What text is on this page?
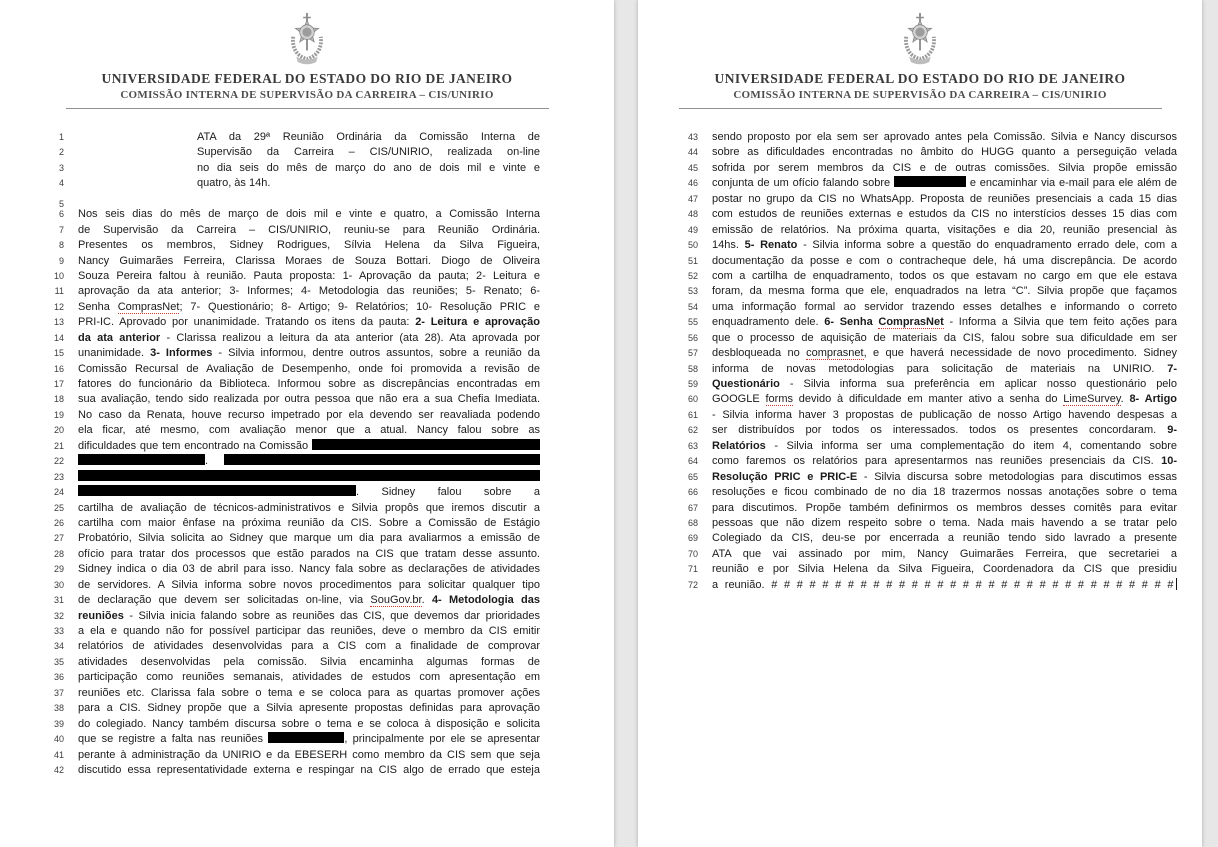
UNIVERSIDADE FEDERAL DO ESTADO DO RIO DE JANEIRO
COMISSÃO INTERNA DE SUPERVISÃO DA CARREIRA – CIS/UNIRIO
1	ATA da 29ª Reunião Ordinária da Comissão Interna de
2	Supervisão da Carreira – CIS/UNIRIO, realizada on-line
3	no dia seis do mês de março do ano de dois mil e vinte e
4	quatro, às 14h.
5
6 Nos seis dias do mês de março de dois mil e vinte e quatro, a Comissão Interna
7 de Supervisão da Carreira – CIS/UNIRIO, reuniu-se para Reunião Ordinária.
8 Presentes os membros, Sidney Rodrigues, Sílvia Helena da Silva Figueira,
9 Nancy Guimarães Ferreira, Clarissa Moraes de Souza Bottari. Diogo de Oliveira
10 Souza Pereira faltou à reunião. Pauta proposta: 1- Aprovação da pauta; 2- Leitura e
11 aprovação da ata anterior; 3- Informes; 4- Metodologia das reuniões; 5- Renato; 6-
12 Senha ComprasNet; 7- Questionário; 8- Artigo; 9- Relatórios; 10- Resolução PRIC e
13 PRI-IC. Aprovado por unanimidade. Tratando os itens da pauta: 2- Leitura e aprovação
14 da ata anterior - Clarissa realizou a leitura da ata anterior (ata 28). Ata aprovada por
15 unanimidade. 3- Informes - Silvia informou, dentre outros assuntos, sobre a reunião da
16 Comissão Recursal de Avaliação de Desempenho, onde foi promovida a revisão de
17 fatores do funcionário da Biblioteca. Informou sobre as discrepâncias encontradas em
18 sua avaliação, tendo sido realizada por outra pessoa que não era a sua Chefia Imediata.
19 No caso da Renata, houve recurso impetrado por ela devendo ser reavaliada podendo
20 ela ficar, até mesmo, com avaliação menor que a atual. Nancy falou sobre as
21 dificuldades que tem encontrado na Comissão
22	.
23
24	. Sidney falou sobre a
25 cartilha de avaliação de técnicos-administrativos e Silvia propôs que iremos discutir a
26 cartilha com maior ênfase na próxima reunião da CIS. Sobre a Comissão de Estágio
27 Probatório, Silvia solicita ao Sidney que marque um dia para avaliarmos a emissão de
28 ofício para tratar dos processos que estão parados na CIS que tratam desse assunto.
29 Sidney indica o dia 03 de abril para isso. Nancy fala sobre as declarações de atividades
30 de servidores. A Silvia informa sobre novos procedimentos para solicitar qualquer tipo
31 de declaração que devem ser solicitadas on-line, via SouGov.br. 4- Metodologia das
32 reuniões - Silvia inicia falando sobre as reuniões das CIS, que devemos dar prioridades
33 a ela e quando não for possível participar das reuniões, deve o membro da CIS emitir
34 relatórios de atividades desenvolvidas para a CIS com a finalidade de comprovar
35 atividades desenvolvidas pela comissão. Silvia encaminha algumas formas de
36 participação como reuniões semanais, atividades de estudos com apresentação em
37 reuniões etc. Clarissa fala sobre o tema e se coloca para as quartas promover ações
38 para a CIS. Sidney propõe que a Silvia apresente propostas definidas para aprovação
39 do colegiado. Nancy também discursa sobre o tema e se coloca à disposição e solicita
40 que se registre a falta nas reuniões	, principalmente por ele se apresentar
41 perante à administração da UNIRIO e da EBESERH como membro da CIS sem que seja
42 discutido essa representatividade externa e respingar na CIS algo de errado que esteja
UNIVERSIDADE FEDERAL DO ESTADO DO RIO DE JANEIRO
COMISSÃO INTERNA DE SUPERVISÃO DA CARREIRA – CIS/UNIRIO
43 sendo proposto por ela sem ser aprovado antes pela Comissão. Silvia e Nancy discursos
44 sobre as dificuldades encontradas no âmbito do HUGG quanto a perseguição velada
45 sofrida por serem membros da CIS e de outras comissões. Silvia propõe emissão
46 conjunta de um ofício falando sobre	e encaminhar via e-mail para ele além de
47 postar no grupo da CIS no WhatsApp. Proposta de reuniões presenciais a cada 15 dias
48 com estudos de reuniões externas e estudos da CIS no interstícios desses 15 dias com
49 emissão de relatórios. Na próxima quarta, visitações e dia 20, reunião presencial às
50 14hs. 5- Renato - Silvia informa sobre a questão do enquadramento errado dele, com a
51 documentação da posse e com o contracheque dele, há uma discrepância. De acordo
52 com a cartilha de enquadramento, todos os que estavam no cargo em que ele estava
53 foram, da mesma forma que ele, enquadrados na letra “C”. Silvia propõe que façamos
54 uma informação formal ao servidor trazendo esses detalhes e informando o correto
55 enquadramento dele. 6- Senha ComprasNet - Informa a Silvia que tem feito ações para
56 que o processo de aquisição de materiais da CIS, falou sobre sua dificuldade em ser
57 desbloqueada no comprasnet, e que haverá necessidade de novo procedimento. Sidney
58 informa de novas metodologias para solicitação de materiais na UNIRIO. 7-
59 Questionário - Silvia informa sua preferência em aplicar nosso questionário pelo
60 GOOGLE forms devido à dificuldade em manter ativo a senha do LimeSurvey. 8- Artigo
61 - Silvia informa haver 3 propostas de publicação de nosso Artigo havendo despesas a
62 ser distribuídos por todos os interessados. todos os presentes concordaram. 9-
63 Relatórios - Silvia informa ser uma complementação do item 4, comentando sobre
64 como faremos os relatórios para apresentarmos nas reuniões presenciais da CIS. 10-
65 Resolução PRIC e PRIC-E - Silvia discursa sobre metodologias para discutimos essas
66 resoluções e ficou combinado de no dia 18 trazermos nossas anotações sobre o tema
67 para discutimos. Propõe também definirmos os membros desses comitês para evitar
68 pessoas que não dizem respeito sobre o tema. Nada mais havendo a se tratar pelo
69 Colegiado da CIS, deu-se por encerrada a reunião tendo sido lavrado a presente
70 ATA que vai assinado por mim, Nancy Guimarães Ferreira, que secretariei a
71 reunião e por Silvia Helena da Silva Figueira, Coordenadora da CIS que presidiu
72 a reunião. # # # # # # # # # # # # # # # # # # # # # # # # # # # # # # # #
